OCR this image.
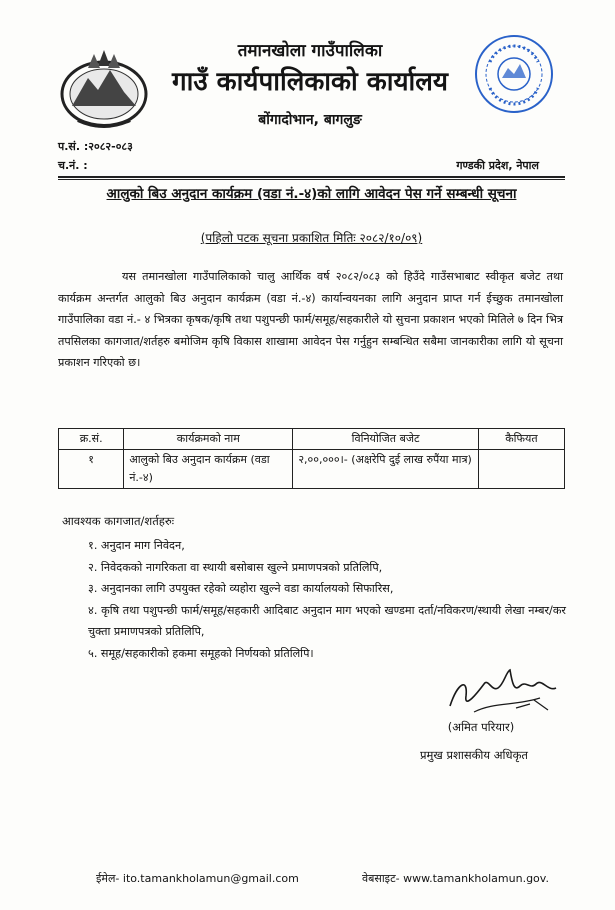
तमानखोला गाउँपालिका
गाउँ कार्यपालिकाको कार्यालय
बोंगादोभान, बागलुङ
प.सं. :२०८२-०८३
च.नं. :	गण्डकी प्रदेश, नेपाल
आलुको बिउ अनुदान कार्यक्रम (वडा नं.-४)को लागि आवेदन पेस गर्ने सम्बन्धी सूचना
(पहिलो पटक सूचना प्रकाशित मितिः २०८२/१०/०९)
यस तमानखोला गाउँपालिकाको चालु आर्थिक वर्ष २०८२/०८३ को हिउँदे गाउँसभाबाट स्वीकृत बजेट तथा कार्यक्रम अन्तर्गत आलुको बिउ अनुदान कार्यक्रम (वडा नं.-४) कार्यान्वयनका लागि अनुदान प्राप्त गर्न ईच्छुक तमानखोला गाउँपालिका वडा नं.- ४ भित्रका कृषक/कृषि तथा पशुपन्छी फार्म/समूह/सहकारीले यो सुचना प्रकाशन भएको मितिले ७ दिन भित्र तपसिलका कागजात/शर्तहरु बमोजिम कृषि विकास शाखामा आवेदन पेस गर्नुहुन सम्बन्धित सबैमा जानकारीका लागि यो सूचना प्रकाशन गरिएको छ।
क्र.सं.	कार्यक्रमको नाम	विनियोजित बजेट	कैफियत
१	आलुको बिउ अनुदान कार्यक्रम (वडा नं.-४)	२,००,०००।- (अक्षरेपि दुई लाख रुपैंया मात्र)	
आवश्यक कागजात/शर्तहरुः
१. अनुदान माग निवेदन,
२. निवेदकको नागरिकता वा स्थायी बसोबास खुल्ने प्रमाणपत्रको प्रतिलिपि,
३. अनुदानका लागि उपयुक्त रहेको व्यहोरा खुल्ने वडा कार्यालयको सिफारिस,
४. कृषि तथा पशुपन्छी फार्म/समूह/सहकारी आदिबाट अनुदान माग भएको खण्डमा दर्ता/नविकरण/स्थायी लेखा नम्बर/कर चुक्ता प्रमाणपत्रको प्रतिलिपि,
५. समूह/सहकारीको हकमा समूहको निर्णयको प्रतिलिपि।
(अमित परियार)
प्रमुख प्रशासकीय अधिकृत
ईमेल- ito.tamankholamun@gmail.com	वेबसाइट- www.tamankholamun.gov.
